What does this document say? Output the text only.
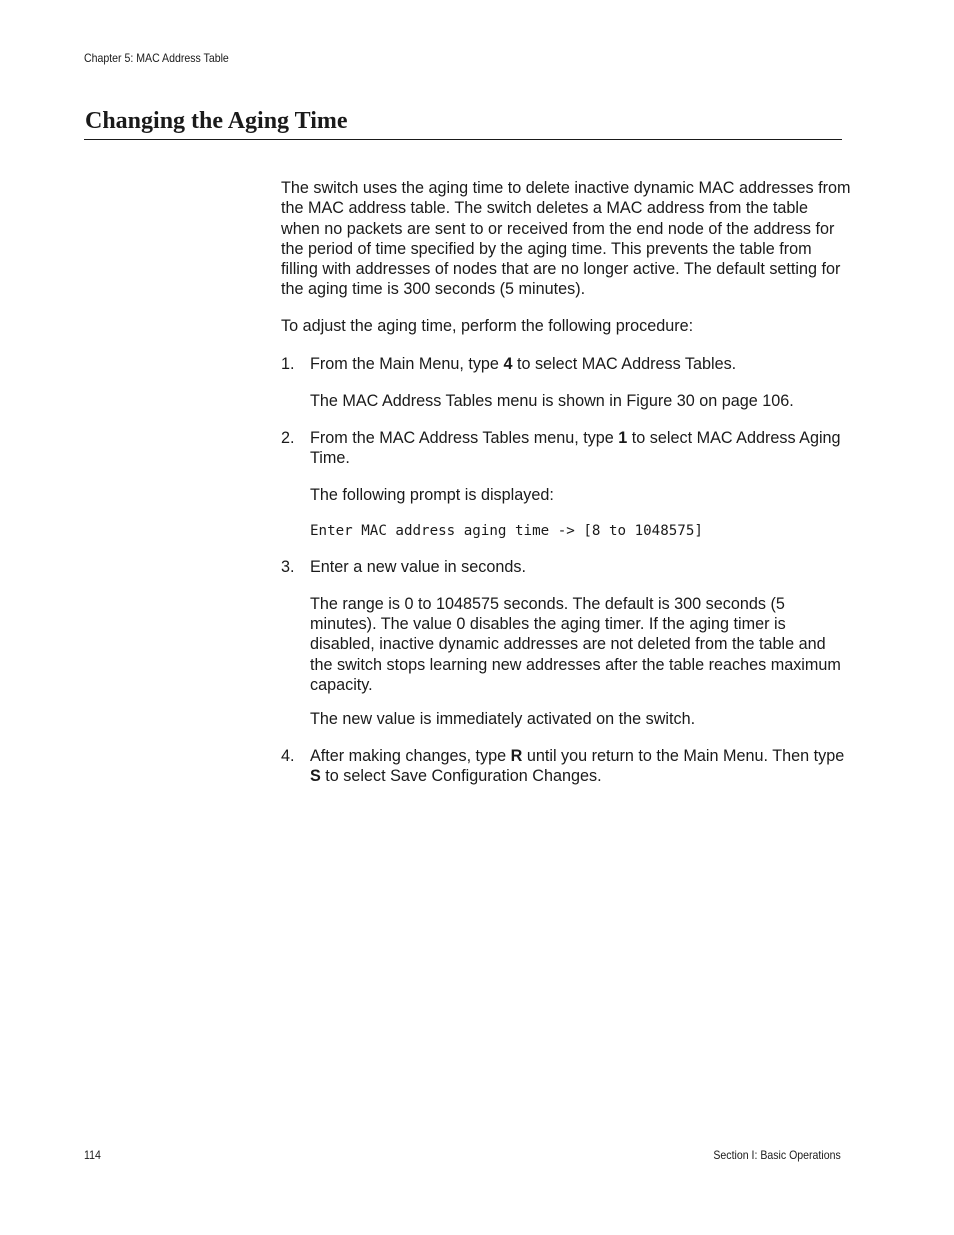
Chapter 5: MAC Address Table
Changing the Aging Time

The switch uses the aging time to delete inactive dynamic MAC addresses from the MAC address table. The switch deletes a MAC address from the table when no packets are sent to or received from the end node of the address for the period of time specified by the aging time. This prevents the table from filling with addresses of nodes that are no longer active. The default setting for the aging time is 300 seconds (5 minutes).

To adjust the aging time, perform the following procedure:

1. From the Main Menu, type 4 to select MAC Address Tables.

The MAC Address Tables menu is shown in Figure 30 on page 106.

2. From the MAC Address Tables menu, type 1 to select MAC Address Aging Time.

The following prompt is displayed:

Enter MAC address aging time -> [8 to 1048575]

3. Enter a new value in seconds.

The range is 0 to 1048575 seconds. The default is 300 seconds (5 minutes). The value 0 disables the aging timer. If the aging timer is disabled, inactive dynamic addresses are not deleted from the table and the switch stops learning new addresses after the table reaches maximum capacity.

The new value is immediately activated on the switch.

4. After making changes, type R until you return to the Main Menu. Then type S to select Save Configuration Changes.

114	Section I: Basic Operations
